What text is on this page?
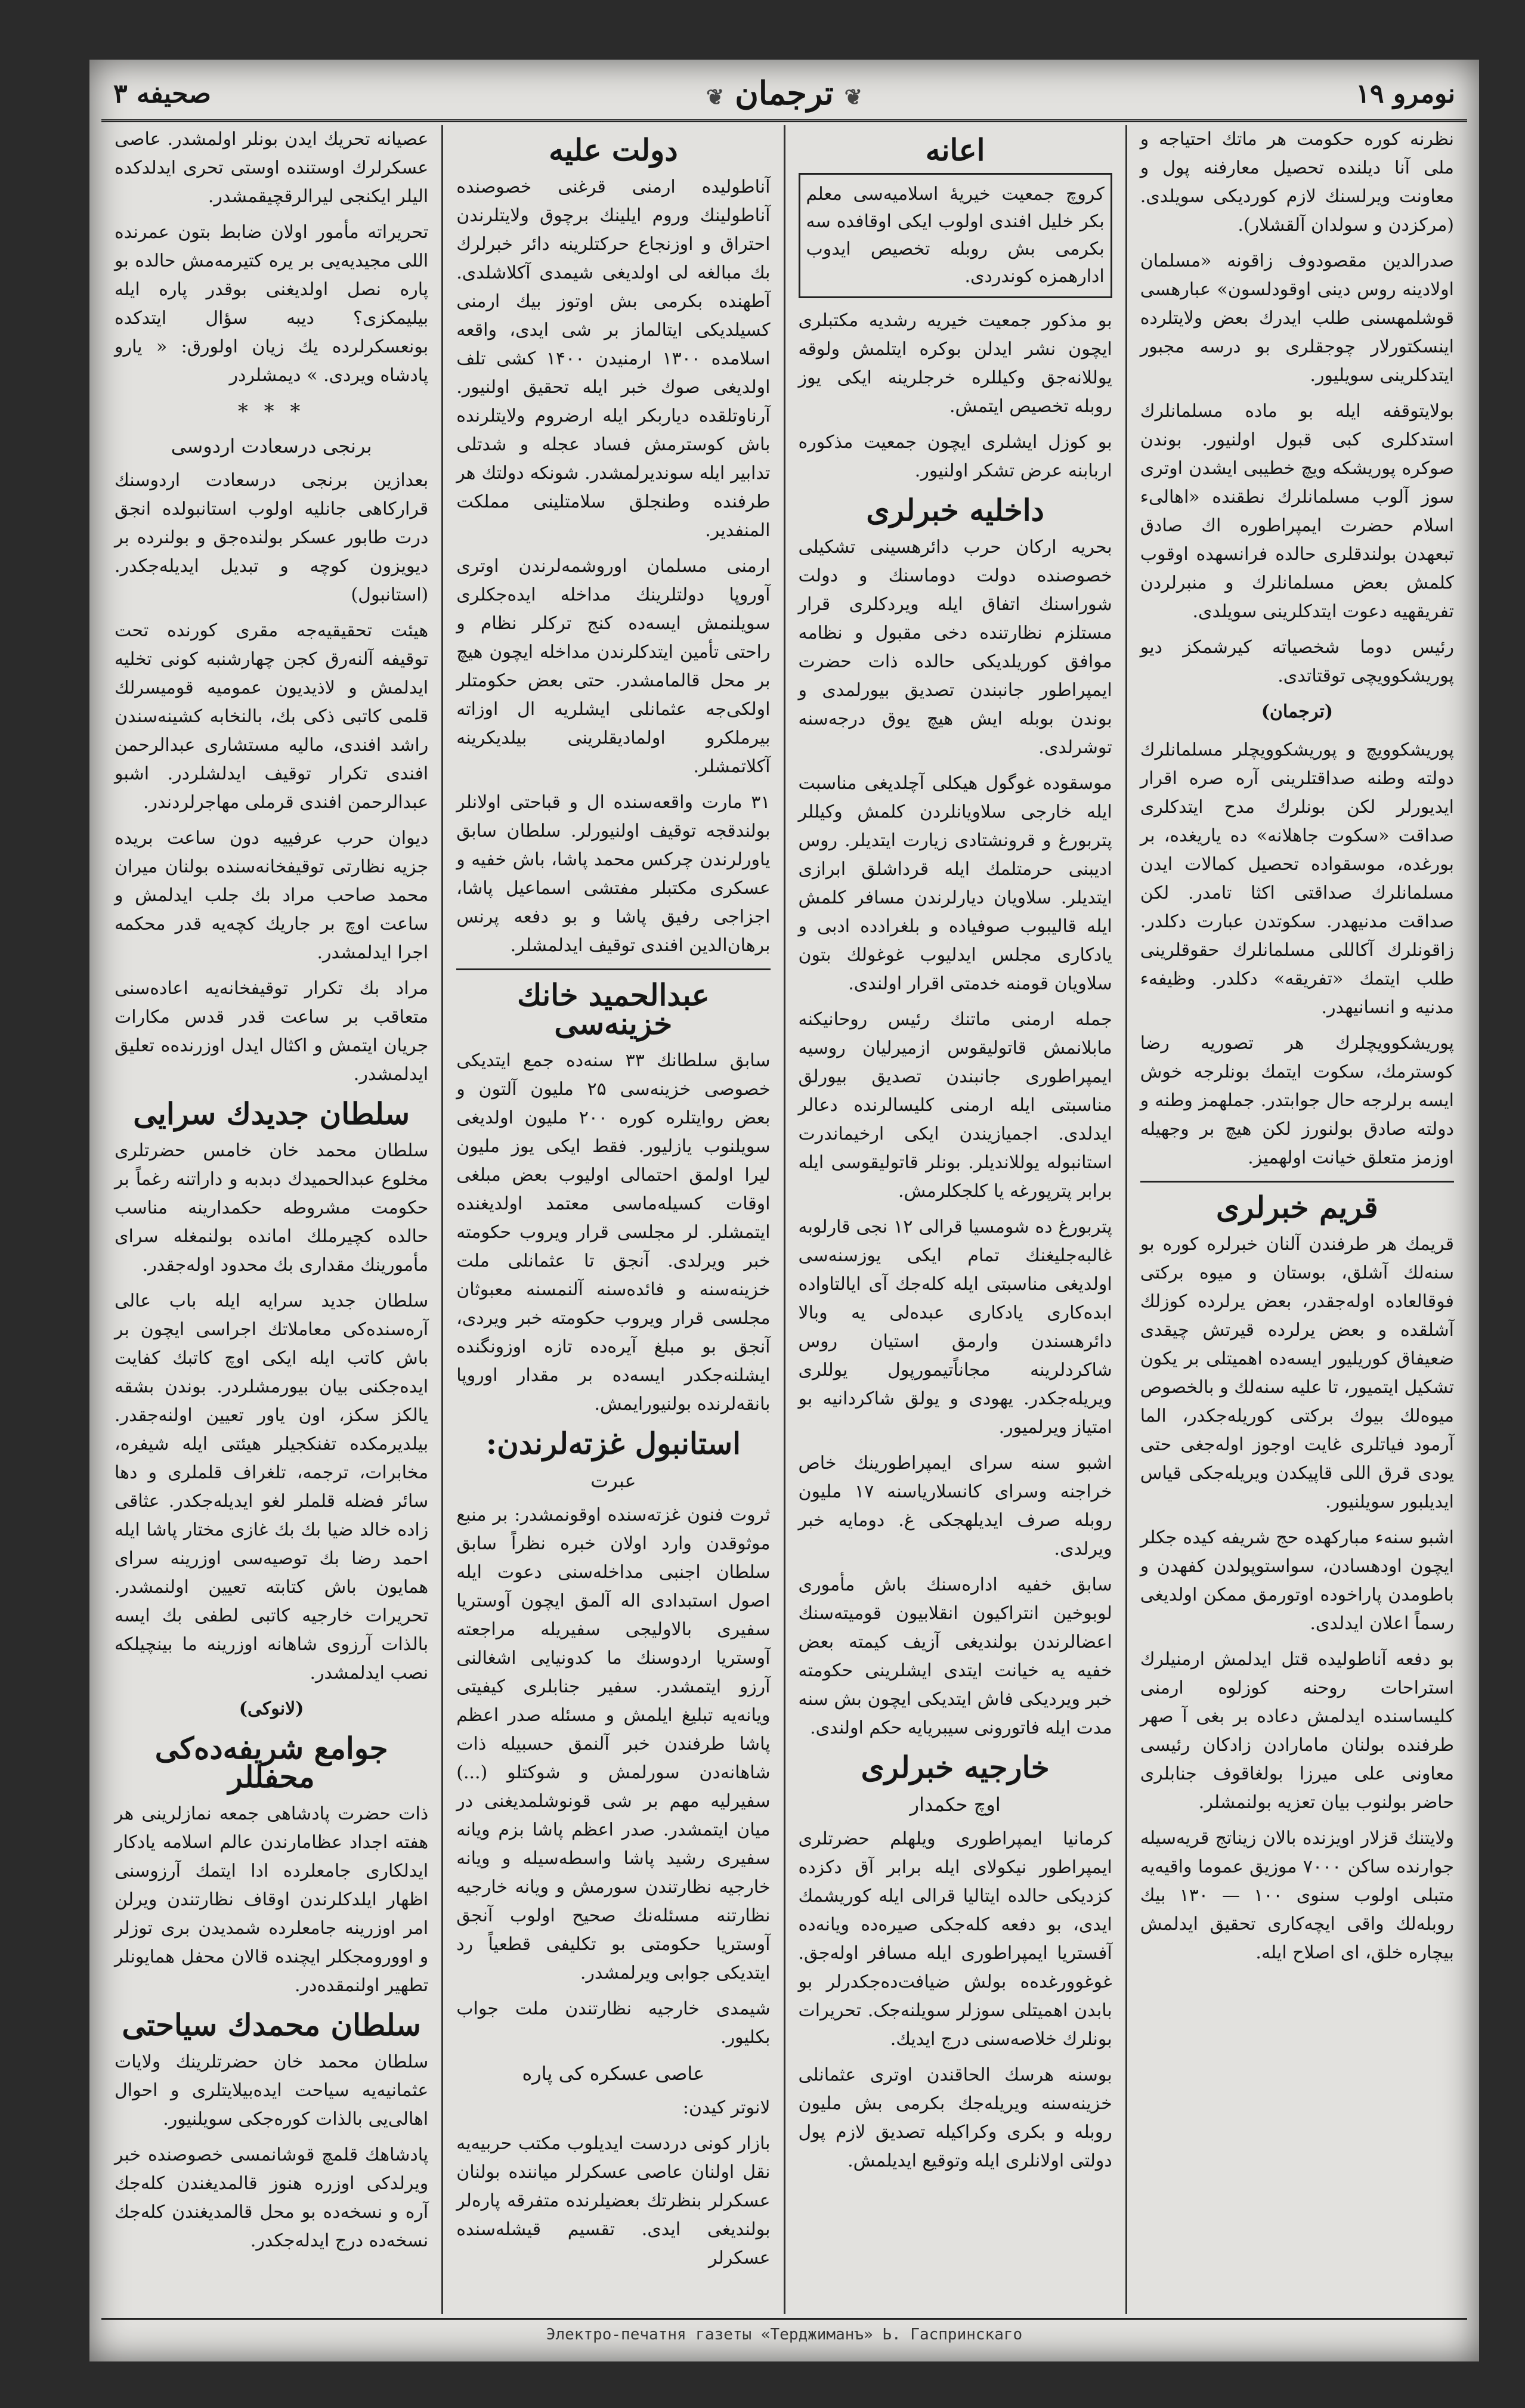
نومرو ۱۹
❦ترجمان❦
صحیفه ۳

نظرنه کوره حکومت هر ماتك احتیاجه و ملی آنا دیلنده تحصیل معارفنه پول و معاونت ویرلسنك لازم کوردیکی سویلدی. (مرکزدن و سولدان آلقشلار).

صدرالدین مقصودوف زاقونه «مسلمان اولادینه روس دینی اوقودلسون» عبارهسی قوشلمهسنی طلب ایدرك بعض ولایتلرده اینسکتورلار چوجقلری بو درسه مجبور ایتدکلرینی سویلیور.

بولایتوقفه ایله بو ماده مسلمانلرك استدکلری کبی قبول اولنیور. بوندن صوکره پوریشکه ویچ خطیبی ایشدن اوتری سوز آلوب مسلمانلرك نطقنده «اهالیء اسلام حضرت ایمپراطوره اك صادق تبعهدن بولندقلری حالده فرانسهده اوقوب کلمش بعض مسلمانلرك و منبرلردن تفریقهیه دعوت ایتدکلرینی سویلدی.

رئیس دوما شخصیاته کیرشمکز دیو پوریشکوویچی توقتاتدی.

(ترجمان)

پوریشکوویچ و پوریشکوویچلر مسلمانلرك دولته وطنه صداقتلرینی آره صره اقرار ایدیورلر لکن بونلرك مدح ایتدکلری صداقت «سکوت جاهلانه» ده یاریغده، بر بورغده، موسقواده تحصیل کمالات ایدن مسلمانلرك صداقتی اکثا تامدر. لکن صداقت مدنیهدر. سکوتدن عبارت دکلدر. زاقونلرك آکاللی مسلمانلرك حقوقلرینی طلب ایتمك «تفریقه» دکلدر. وظیفهء مدنیه و انسانیهدر.

پوریشکوویچلرك هر تصوریه رضا کوسترمك، سکوت ایتمك بونلرجه خوش ایسه برلرجه حال جوابتدر. جملهمز وطنه و دولته صادق بولنورز لکن هیچ بر وجهیله اوزمز متعلق خیانت اولهمیز.

قریم خبرلری

قریمك هر طرفندن آلنان خبرلره کوره بو سنه‌لك آشلق، بوستان و میوه برکتی فوقالعاده اوله‌جقدر، بعض یرلرده کوزلك آشلقده و بعض یرلرده قیرتش چیقدی ضعیفاق کوریلیور ایسه‌ده اهمیتلی بر یکون تشکیل ایتمیور، تا علیه سنه‌لك و بالخصوص میوه‌لك بیوك برکتی کوریله‌جکدر، الما آرمود فیاتلری غایت اوجوز اوله‌جغی حتی یودی قرق اللی قاپیکدن ویریله‌جکی قیاس ایدیلبور سویلنیور.

اشبو سنهء مبارکهده حج شریفه کیده جکلر ایچون اودهسادن، سواستوپولدن کفهدن و باطومدن پاراخوده اوتورمق ممکن اولدیغی رسماً اعلان ایدلدی.

بو دفعه آناطولیده قتل ایدلمش ارمنیلرك استراحات روحنه کوزلوه ارمنی کلیساسنده ایدلمش دعاده بر بغی آ صهر طرفنده بولنان مامارادن زادکان رئیسی معاونی علی میرزا بولغاقوف جنابلری حاضر بولنوب بیان تعزیه بولنمشلر.

ولایتنك قزلار اویزنده بالان زیناتج قریه‌سیله جوارنده ساکن ۷۰۰۰ موزیق عموما واقیه‌یه متبلی اولوب سنوی ۱۰۰ — ۱۳۰ بیك روبله‌لك واقی ایچه‌کاری تحقیق ایدلمش بیچاره خلق، ای اصلاح ایله.

اعانه
کروچ جمعیت خیریهٔ اسلامیه‌سی معلم بکر خلیل افندی اولوب ایکی اوقافده سه بکرمی بش روبله تخصیص ایدوب ادارهمزه کوندردی.

بو مذکور جمعیت خیریه رشدیه مکتبلری ایچون نشر ایدلن بوکره ایتلمش ولوقه یوللانه‌جق وکیللره خرجلرینه ایکی یوز روبله تخصیص ایتمش.

بو کوزل ایشلری ایچون جمعیت مذکوره اربابنه عرض تشکر اولنیور.

داخلیه خبرلری

بحریه ارکان حرب دائرهسینی تشکیلی خصوصنده دولت دوماسنك و دولت شوراسنك اتفاق ایله ویردکلری قرار مستلزم نظارتنده دخی مقبول و نظامه موافق کوریلدیکی حالده ذات حضرت ایمپراطور جانبندن تصدیق بیورلمدی و بوندن بوبله ایش هیچ یوق درجه‌سنه توشرلدی.

موسقوده غوگول هیکلی آچلدیغی مناسبت ایله خارجی سلاویانلردن کلمش وکیللر پتربورغ و قرونشتادی زیارت ایتدیلر. روس ادیبنی حرمتلمك ایله قرداشلق ابرازی ایتدیلر. سلاویان دیارلرندن مسافر کلمش ایله قالیبوب صوفیاده و بلغرادده ادبی و یادکاری مجلس ایدلیوب غوغولك بتون سلاویان قومنه خدمتی اقرار اولندی.

جمله ارمنی ماتنك رئیس روحانیکنه مابلانمش قاتولیقوس ازمیرلیان روسیه ایمپراطوری جانبندن تصدیق بیورلق مناسبتی ایله ارمنی کلیسالرنده دعالر ایدلدی. اجمیازیندن ایکی ارخیماندرت استانبوله یوللاندیلر. بونلر قاتولیقوسی ایله برابر پترپورغه یا کلجکلرمش.

پتربورغ ده شومسیا قرالی ۱۲ نجی قارلوبه غالبه‌جلیغنك تمام ایکی یوزسنه‌سی اولدیغی مناسبتی ایله کله‌جك آی ایالتاواده ابده‌کاری یادکاری عبده‌لی یه وبالا دائرهسندن وارمق استیان روس شاکردلرینه مجاناًتیمورپول یوللری ویریله‌جکدر. یهودی و یولق شاکردانیه بو امتیاز ویرلمیور.

اشبو سنه سرای ایمپراطورینك خاص خراجنه وسرای کانسلاریاسنه ۱۷ ملیون روبله صرف ایدیلهجکی غ. دومایه خبر ویرلدی.

سابق خفیه اداره‌سنك باش مأموری لوبوخین انتراکیون انقلابیون قومیته‌سنك اعضالرندن بولندیغی آزیف کیمته بعض خفیه یه خیانت ایتدی ایشلرینی حکومته خبر ویردیکی فاش ایتدیکی ایچون بش سنه مدت ایله فاتورونی سیبریایه حکم اولندی.

خارجیه خبرلری
اوچ حکمدار

کرمانیا ایمپراطوری ویلهلم حضرتلری ایمپراطور نیکولای ایله برابر آق دکزده کزدیکی حالده ایتالیا قرالی ایله کوریشمك ایدی، بو دفعه کله‌جکی صیره‌ده ویانه‌ده آفستریا ایمپراطوری ایله مسافر اوله‌جق. غوغوورغده‌ه بولش ضیافت‌ده‌جکدرلر بو بابدن اهمیتلی سوزلر سویلنه‌جک. تحریرات بونلرك خلاصه‌سنی درج ایدیك.

بوسنه هرسك الحاقندن اوتری عثمانلی خزینه‌سنه ویریله‌جك بکرمی بش ملیون روبله و بکری وکراکیله تصدیق لازم پول دولتی اولانلری ایله وتوقیع ایدیلمش.

دولت علیه

آناطولیده ارمنی قرغنی خصوصنده آناطولینك وروم ایلینك برچوق ولایتلرندن احتراق و اوزنجاع حرکتلرینه دائر خبرلرك بك مبالغه لی اولدیغی شیمدی آکلاشلدی. آطهنده بکرمی بش اوتوز بیك ارمنی کسیلدیکی ایتالماز بر شی ایدی، واقعه اسلامده ۱۳۰۰ ارمنیدن ۱۴۰۰ کشی تلف اولدیغی صوك خبر ایله تحقیق اولنیور. آرناوتلقده دیاربکر ایله ارضروم ولایتلرنده باش کوسترمش فساد عجله و شدتلی تدابیر ایله سوندیرلمشدر. شونکه دولتك هر طرفنده وطنجلق سلامتلینی مملکت المنفدیر.

ارمنی مسلمان اوروشمه‌لرندن اوتری آوروپا دولتلرینك مداخله ایده‌جکلری سویلنمش ایسه‌ده کنج ترکلر نظام و راحتی تأمین ایتدکلرندن مداخله ایچون هیچ بر محل قالمامشدر. حتی بعض حکومتلر اولکی‌جه عثمانلی ایشلریه ال اوزاته بیرملکرو اولمادیقلرینی بیلدیکرینه آکلاتمشلر.

۳۱ مارت واقعه‌سنده ال و قباحتی اولانلر بولندقجه توقیف اولنیورلر. سلطان سابق یاورلرندن چرکس محمد پاشا، باش خفیه و عسکری مکتبلر مفتشی اسماعیل پاشا، اجزاجی رفیق پاشا و بو دفعه پرنس برهان‌الدین افندی توقیف ایدلمشلر.

عبدالحمید خانك خزینه‌سی

سابق سلطانك ۳۳ سنه‌ده جمع ایتدیکی خصوصی خزینه‌سی ۲۵ ملیون آلتون و بعض روایتلره کوره ۲۰۰ ملیون اولدیغی سویلنوب یازلیور. فقط ایکی یوز ملیون لیرا اولمق احتمالی اولیوب بعض مبلغی اوقات کسیله‌ماسی معتمد اولدیغنده ایتمشلر. لر مجلسی قرار ویروب حکومته خبر ویرلدی. آنجق تا عثمانلی ملت خزینه‌سنه و فائده‌سنه آلنمسنه معبوثان مجلسی قرار ویروب حکومته خبر ویردی، آنجق بو مبلغ آیره‌ده تازه اوزونگنده ایشلنه‌جکدر ایسه‌ده بر مقدار اوروپا بانقه‌لرنده بولنیورایمش.

استانبول غزته‌لرندن:
عبرت

ثروت فنون غزته‌سنده اوقونمشدر: بر منبع موثوقدن وارد اولان خبره نظراً سابق سلطان اجنبی مداخله‌سنی دعوت ایله اصول استبدادی اله آلمق ایچون آوستریا سفیری بالاولیجی سفیریله مراجعته آوستریا اردوسنك ما کدونیایی اشغالنی آرزو ایتمشدر. سفیر جنابلری کیفیتی ویانه‌یه تبلیغ ایلمش و مسئله صدر اعظم پاشا طرفندن خبر آلنمق حسبیله ذات شاهانه‌دن سورلمش و شوکتلو (...) سفیرلیه مهم بر شی قونوشلمدیغنی در میان ایتمشدر. صدر اعظم پاشا بزم ویانه سفیری رشید پاشا واسطه‌سیله و ویانه خارجیه نظارتندن سورمش و ویانه خارجیه نظارتنه مسئله‌نك صحیح اولوب آنجق آوستریا حکومتی بو تکلیفی قطعیاً رد ایتدیکی جوابی ویرلمشدر.

شیمدی خارجیه نظارتندن ملت جواب بکلیور.

عاصی عسکره کی پاره

لانوتر کیدن:

بازار کونی دردست ایدیلوب مکتب حربیه‌یه نقل اولنان عاصی عسکرلر میاننده بولنان عسکرلر بنظرتك بعضیلرنده متفرقه پاره‌لر بولندیغی ایدی. تقسیم قیشله‌سنده عسکرلر

عصیانه تحریك ایدن بونلر اولمشدر. عاصی عسکرلرك اوستنده اوستی تحری ایدلدکده الیلر ایکنجی لیرالرقچیقمشدر.

تحریراته مأمور اولان ضابط بتون عمرنده اللی مجیدیه‌یی بر یره کتیرمه‌مش حالده بو پاره نصل اولدیغنی بوقدر پاره ایله بیلیمکزی؟ دیبه سؤال ایتدکده بونعسکرلرده یك زیان اولورق: « یارو پادشاه ویردی. » دیمشلردر

* * *
برنجی درسعادت اردوسی

بعدازین برنجی درسعادت اردوسنك قرارکاهی جانلیه اولوب استانبولده انجق درت طابور عسکر بولنده‌جق و بولنرده بر دیویزون کوچه و تبدیل ایدیله‌جکدر. (استانبول)

هیئت تحقیقیه‌جه مقری کورنده تحت توقیفه آلنه‌رق کجن چهارشنبه کونی تخلیه ایدلمش و لاذیدیون عمومیه قومیسرلك قلمی کاتبی ذکی بك، بالنخابه کشینه‌سندن راشد افندی، مالیه مستشاری عبدالرحمن افندی تکرار توقیف ایدلشلردر. اشبو عبدالرحمن افندی قرملی مهاجرلردندر.

دیوان حرب عرفییه دون ساعت بریده جزیه نظارتی توقیفخانه‌سنده بولنان میران محمد صاحب مراد بك جلب ایدلمش و ساعت اوچ بر جاریك کچه‌یه قدر محکمه اجرا ایدلمشدر.

مراد بك تکرار توقیفخانه‌یه اعاده‌سنی متعاقب بر ساعت قدر قدس مکارات جریان ایتمش و اکثال ایدل اوزرنده‌ه تعلیق ایدلمشدر.

سلطان جدیدك سرایی

سلطان محمد خان خامس حضرتلری مخلوع عبدالحمیدك دبدبه و داراتنه رغماً بر حکومت مشروطه حکمدارینه مناسب حالده کچیرملك امانده بولنمغله سرای مأمورینك مقداری بك محدود اوله‌جقدر.

سلطان جدید سرایه ایله باب عالی آره‌سنده‌کی معاملاتك اجراسی ایچون بر باش کاتب ایله ایکی اوچ کاتبك کفایت ایده‌جکنی بیان بیورمشلردر. بوندن بشقه یالکز سکز، اون یاور تعیین اولنه‌جقدر. بیلدیرمکده تفنکجیلر هیئتی ایله شیفره، مخابرات، ترجمه، تلغراف قلملری و دها سائر فضله قلملر لغو ایدیله‌جکدر. عثاقی زاده خالد ضیا بك بك غازی مختار پاشا ایله احمد رضا بك توصیه‌سی اوزرینه سرای همایون باش کتابته تعیین اولنمشدر. تحریرات خارجیه کاتبی لطفی بك ایسه بالذات آرزوی شاهانه اوزرینه ما بینچیلکه نصب ایدلمشدر.

(لانوکی)
جوامع شریفه‌ده‌کی محفللر

ذات حضرت پادشاهی جمعه نمازلرینی هر هفته اجداد عظامارندن عالم اسلامه یادکار ایدلکاری جامعلرده ادا ایتمك آرزوسنی اظهار ایلدکلرندن اوقاف نظارتندن ویرلن امر اوزرینه جامعلرده شمدیدن بری توزلر و اوورومجکلر ایچنده قالان محفل همایونلر تطهیر اولنمقده‌در.

سلطان محمدك سیاحتی

سلطان محمد خان حضرتلرینك ولایات عثمانیه‌یه سیاحت ایده‌بیلایتلری و احوال اهالی‌یی بالذات کوره‌جکی سویلنیور.

پادشاهك قلمچ قوشانمسی خصوصنده خبر ویرلدکی اوزره هنوز قالمدیغندن کله‌جك آره و نسخه‌ده بو محل قالمدیغندن کله‌جك نسخه‌ده درج ایدله‌جکدر.

Электро-печатня газеты «Терджиманъ» Ь. Гаспринскаго
